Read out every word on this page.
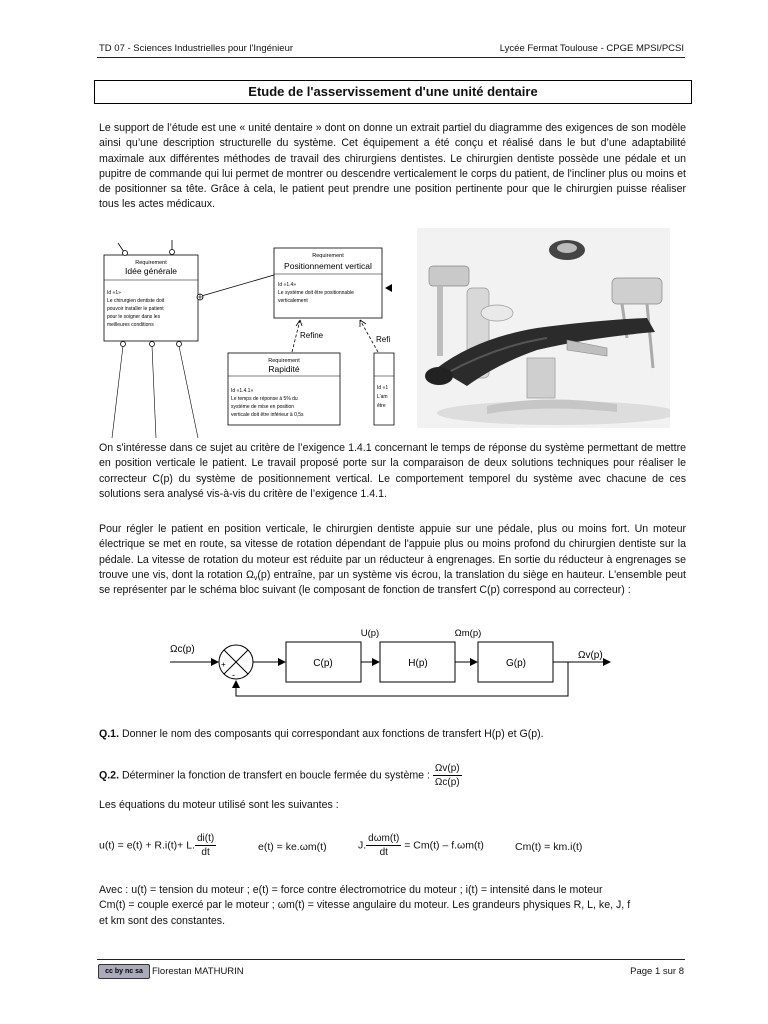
TD 07 - Sciences Industrielles pour l'Ingénieur	Lycée Fermat Toulouse - CPGE MPSI/PCSI
Etude de l'asservissement d'une unité dentaire

Le support de l’étude est une « unité dentaire » dont on donne un extrait partiel du diagramme des exigences de son modèle ainsi qu’une description structurelle du système. Cet équipement a été conçu et réalisé dans le but d’une adaptabilité maximale aux différentes méthodes de travail des chirurgiens dentistes. Le chirurgien dentiste possède une pédale et un pupitre de commande qui lui permet de montrer ou descendre verticalement le corps du patient, de l'incliner plus ou moins et de positionner sa tête. Grâce à cela, le patient peut prendre une position pertinente pour que le chirurgien puisse réaliser tous les actes médicaux.

Requirement
Idée générale
Id «1»
Le chirurgien dentiste doit
pouvoir installer le patient
pour le soigner dans les
meilleures conditions
Requirement
Positionnement vertical
Id «1.4»
Le système doit être positionnable
verticalement
Requirement
Rapidité
Id «1.4.1»
Le temps de réponse à 5% du
système de mise en position
verticale doit être inférieur à 0,5s
Id «1
L’am
être
Refine	Refi

On s'intéresse dans ce sujet au critère de l’exigence 1.4.1 concernant le temps de réponse du système permettant de mettre en position verticale le patient. Le travail proposé porte sur la comparaison de deux solutions techniques pour réaliser le correcteur C(p) du système de positionnement vertical. Le comportement temporel du système avec chacune de ces solutions sera analysé vis-à-vis du critère de l’exigence 1.4.1.

Pour régler le patient en position verticale, le chirurgien dentiste appuie sur une pédale, plus ou moins fort. Un moteur électrique se met en route, sa vitesse de rotation dépendant de l'appuie plus ou moins profond du chirurgien dentiste sur la pédale. La vitesse de rotation du moteur est réduite par un réducteur à engrenages. En sortie du réducteur à engrenages se trouve une vis, dont la rotation $\Omega_v(p)$ entraîne, par un système vis écrou, la translation du siège en hauteur. L'ensemble peut se représenter par le schéma bloc suivant (le composant de fonction de transfert C(p) correspond au correcteur) :

Ωc(p)
+
-
C(p)
U(p)
H(p)
Ωm(p)
G(p)
Ωv(p)
Q.1. Donner le nom des composants qui correspondant aux fonctions de transfert H(p) et G(p).
Q.2. Déterminer la fonction de transfert en boucle fermée du système : $\frac{\Omega v(p)}{\Omega c(p)}$
Les équations du moteur utilisé sont les suivantes :
u(t) = e(t) + R.i(t)+ L. $\frac{di(t)}{dt}$	e(t) = ke.ωm(t)	J. $\frac{\text{dωm(t)}}{dt} = Cm(t) - f.\omega m(t)$	Cm(t) = km.i(t)
Avec : u(t) = tension du moteur ; e(t) = force contre électromotrice du moteur ; i(t) = intensité dans le moteur
Cm(t) = couple exercé par le moteur ; ωm(t) = vitesse angulaire du moteur. Les grandeurs physiques R, L, ke, J, f
et km sont des constantes.
cc by nc sa Florestan MATHURIN	Page 1 sur 8
